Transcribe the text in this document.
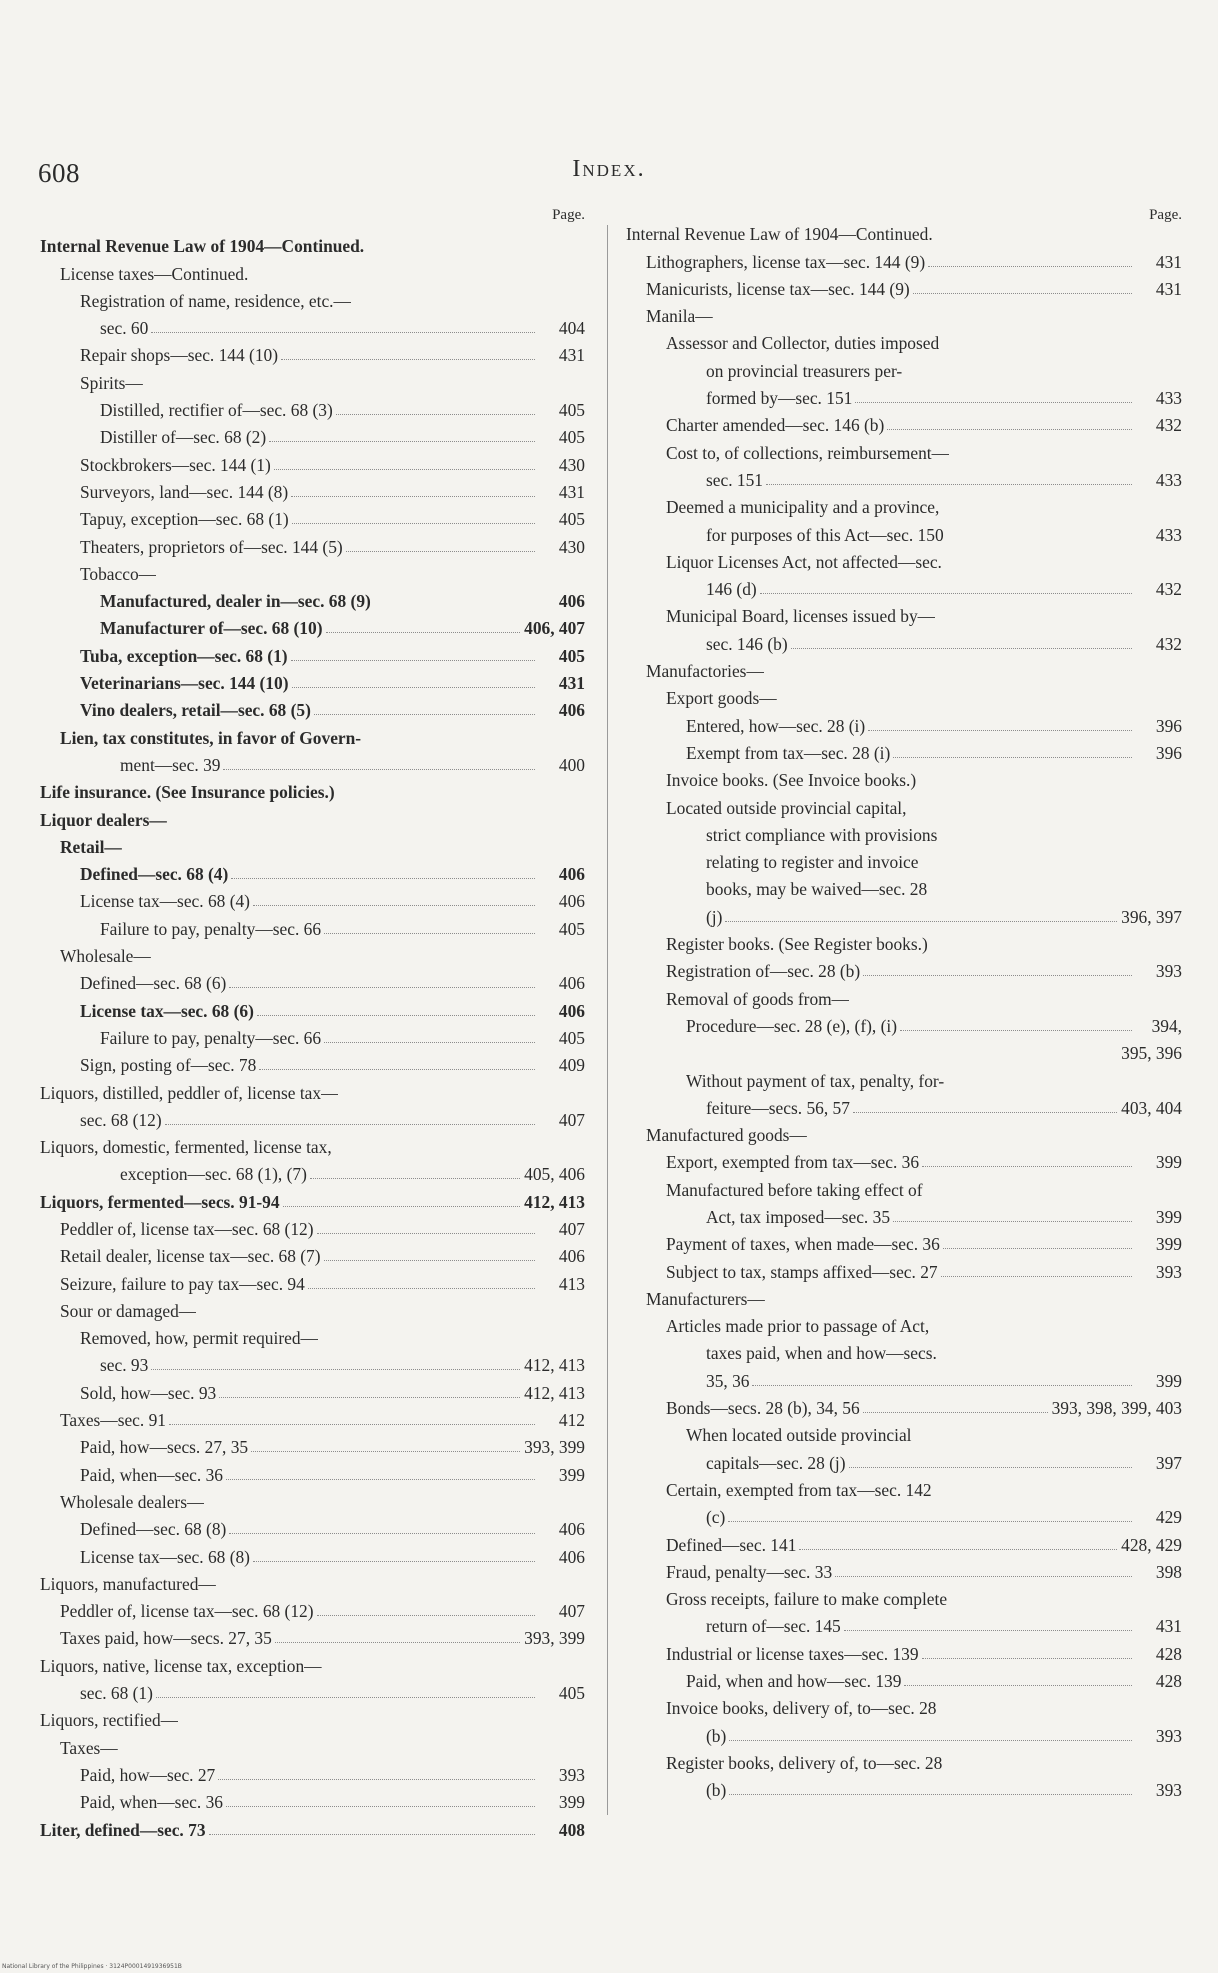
608	Index.
Page.
Internal Revenue Law of 1904—Continued.
License taxes—Continued.
Registration of name, residence, etc.—
sec. 60	404
Repair shops—sec. 144 (10)	431
Spirits—
Distilled, rectifier of—sec. 68 (3)	405
Distiller of—sec. 68 (2)	405
Stockbrokers—sec. 144 (1)	430
Surveyors, land—sec. 144 (8)	431
Tapuy, exception—sec. 68 (1)	405
Theaters, proprietors of—sec. 144 (5)	430
Tobacco—
Manufactured, dealer in—sec. 68 (9)	406
Manufacturer of—sec. 68 (10)	406, 407
Tuba, exception—sec. 68 (1)	405
Veterinarians—sec. 144 (10)	431
Vino dealers, retail—sec. 68 (5)	406
Lien, tax constitutes, in favor of Govern-
ment—sec. 39	400
Life insurance. (See Insurance policies.)
Liquor dealers—
Retail—
Defined—sec. 68 (4)	406
License tax—sec. 68 (4)	406
Failure to pay, penalty—sec. 66	405
Wholesale—
Defined—sec. 68 (6)	406
License tax—sec. 68 (6)	406
Failure to pay, penalty—sec. 66	405
Sign, posting of—sec. 78	409
Liquors, distilled, peddler of, license tax—
sec. 68 (12)	407
Liquors, domestic, fermented, license tax,
exception—sec. 68 (1), (7)	405, 406
Liquors, fermented—secs. 91-94	412, 413
Peddler of, license tax—sec. 68 (12)	407
Retail dealer, license tax—sec. 68 (7)	406
Seizure, failure to pay tax—sec. 94	413
Sour or damaged—
Removed, how, permit required—
sec. 93	412, 413
Sold, how—sec. 93	412, 413
Taxes—sec. 91	412
Paid, how—secs. 27, 35	393, 399
Paid, when—sec. 36	399
Wholesale dealers—
Defined—sec. 68 (8)	406
License tax—sec. 68 (8)	406
Liquors, manufactured—
Peddler of, license tax—sec. 68 (12)	407
Taxes paid, how—secs. 27, 35	393, 399
Liquors, native, license tax, exception—
sec. 68 (1)	405
Liquors, rectified—
Taxes—
Paid, how—sec. 27	393
Paid, when—sec. 36	399
Liter, defined—sec. 73	408
Page.
Internal Revenue Law of 1904—Continued.
Lithographers, license tax—sec. 144 (9)	431
Manicurists, license tax—sec. 144 (9)	431
Manila—
Assessor and Collector, duties imposed
on provincial treasurers per-
formed by—sec. 151	433
Charter amended—sec. 146 (b)	432
Cost to, of collections, reimbursement—
sec. 151	433
Deemed a municipality and a province,
for purposes of this Act—sec. 150	433
Liquor Licenses Act, not affected—sec.
146 (d)	432
Municipal Board, licenses issued by—
sec. 146 (b)	432
Manufactories—
Export goods—
Entered, how—sec. 28 (i)	396
Exempt from tax—sec. 28 (i)	396
Invoice books. (See Invoice books.)
Located outside provincial capital,
strict compliance with provisions
relating to register and invoice
books, may be waived—sec. 28
(j)	396, 397
Register books. (See Register books.)
Registration of—sec. 28 (b)	393
Removal of goods from—
Procedure—sec. 28 (e), (f), (i)	394,
395, 396
Without payment of tax, penalty, for-
feiture—secs. 56, 57	403, 404
Manufactured goods—
Export, exempted from tax—sec. 36	399
Manufactured before taking effect of
Act, tax imposed—sec. 35	399
Payment of taxes, when made—sec. 36	399
Subject to tax, stamps affixed—sec. 27	393
Manufacturers—
Articles made prior to passage of Act,
taxes paid, when and how—secs.
35, 36	399
Bonds—secs. 28 (b), 34, 56	393, 398, 399, 403
When located outside provincial
capitals—sec. 28 (j)	397
Certain, exempted from tax—sec. 142
(c)	429
Defined—sec. 141	428, 429
Fraud, penalty—sec. 33	398
Gross receipts, failure to make complete
return of—sec. 145	431
Industrial or license taxes—sec. 139	428
Paid, when and how—sec. 139	428
Invoice books, delivery of, to—sec. 28
(b)	393
Register books, delivery of, to—sec. 28
(b)	393
National Library of the Philippines · 3124P0001491936951B
